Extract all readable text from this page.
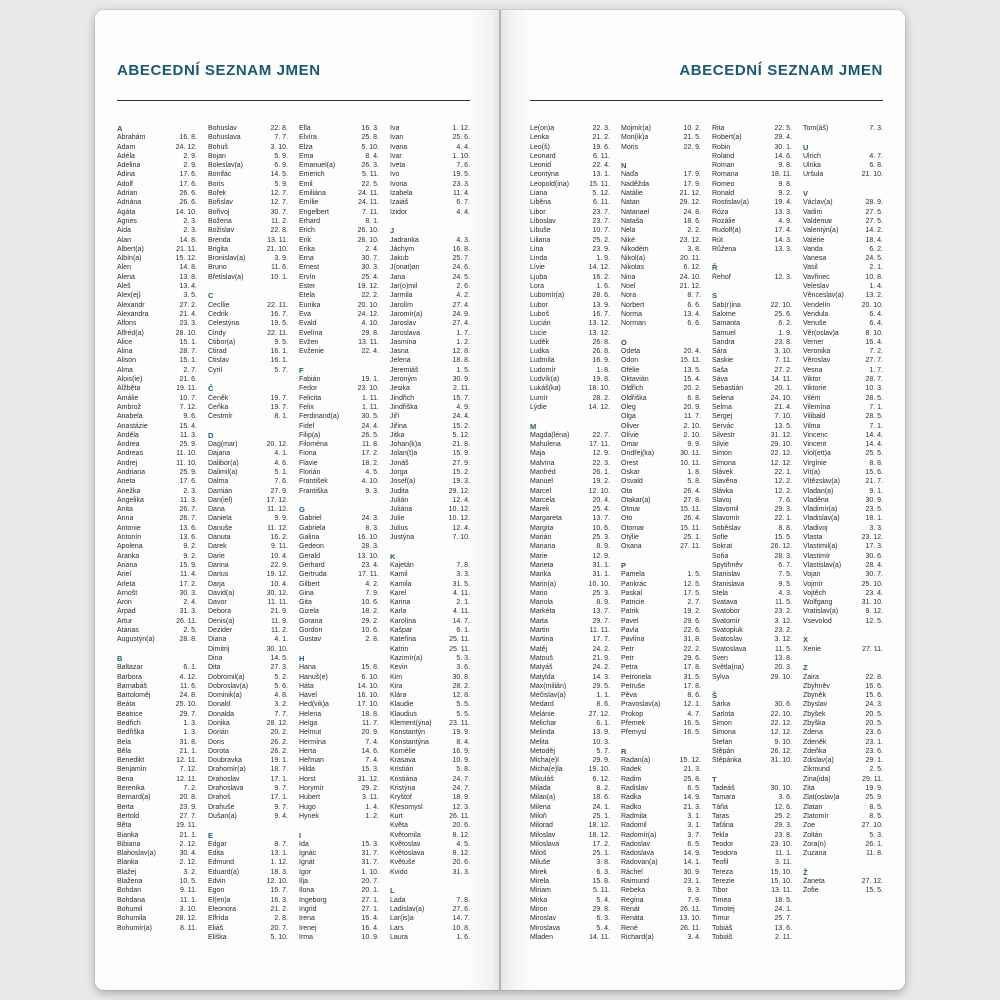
ABECEDNÍ SEZNAM JMEN
A
Abrahám	16. 8.
Adam	24. 12.
Adéla	2. 9.
Adelina	2. 9.
Adina	17. 6.
Adolf	17. 6.
Adrian	26. 6.
Adriána	26. 6.
Agáta	14. 10.
Agnes	2. 3.
Aida	2. 3.
Alan	14. 8.
Albert(a)	21. 11.
Albín(a)	15. 12.
Alen	14. 8.
Alena	13. 8.
Aleš	13. 4.
Alex(ej)	3. 5.
Alexandr	27. 2.
Alexandra	21. 4.
Alfons	23. 3.
Alfréd(a)	28. 10.
Alice	15. 1.
Alina	28. 7.
Alison	15. 1.
Alma	2. 7.
Alois(ie)	21. 6.
Alžběta	19. 11.
Amálie	10. 7.
Ambrož	7. 12.
Anabela	9. 6.
Anastázie	15. 4.
Anděla	11. 3.
Andrea	25. 9.
Andreas	11. 10.
Andrej	11. 10.
Andriana	25. 9.
Aneta	17. 6.
Anežka	2. 3.
Angelika	11. 3.
Anita	26. 7.
Anna	26. 7.
Antonie	13. 6.
Antonín	13. 6.
Apolena	9. 2.
Aranka	9. 2.
Ariana	15. 9.
Ariel	11. 4.
Arleta	17. 2.
Arnošt	30. 3.
Áron	2. 4.
Árpád	31. 3.
Artur	26. 11.
Atanas	2. 5.
Augustýn(a)	28. 8.
B
Baltazar	6. 1.
Barbora	4. 12.
Barnabáš	11. 6.
Bartoloměj	24. 8.
Beáta	25. 10.
Beatrice	29. 7.
Bedřich	1. 3.
Bedřiška	1. 3.
Bela	31. 8.
Běla	21. 1.
Benedikt	12. 11.
Benjamín	7. 12.
Bena	12. 11.
Berenika	7. 2.
Bernard(a)	20. 8.
Berta	23. 9.
Bertold	27. 7.
Běta	19. 11.
Bianka	21. 1.
Bibiana	2. 12.
Blahoslav(a)	30. 4.
Blanka	2. 12.
Blažej	3. 2.
Blažena	10. 5.
Bohdan	9. 11.
Bohdana	11. 1.
Bohumil	3. 10.
Bohumila	28. 12.
Bohumír(a)	8. 11.
Bohuslav	22. 8.
Bohuslava	7. 7.
Bohuš	3. 10.
Bojan	5. 9.
Boleslav(a)	6. 9.
Bonifác	14. 5.
Boris	5. 9.
Bořek	12. 7.
Bořislav	12. 7.
Bořivoj	30. 7.
Božena	11. 2.
Božislav	22. 8.
Brenda	13. 11.
Brigita	21. 10.
Bronislav(a)	3. 9.
Bruno	11. 6.
Břetislav(a)	10. 1.
C
Cecílie	22. 11.
Cedrik	16. 7.
Celestýna	19. 5.
Cindy	22. 11.
Ctibor(a)	9. 5.
Ctirad	16. 1.
Ctislav	16. 1.
Cyril	5. 7.
Č
Čeněk	19. 7.
Čeňka	19. 7.
Čestmír	8. 1.
D
Dag(mar)	20. 12.
Dajana	4. 1.
Dalibor(a)	4. 6.
Dalimil(a)	5. 1.
Dalma	7. 6.
Damián	27. 9.
Dan(iel)	17. 12.
Dana	11. 12.
Daniela	9. 9.
Danuše	11. 12.
Danuta	16. 2.
Darek	9. 11.
Darie	10. 4.
Darina	22. 9.
Darius	19. 12.
Darja	10. 4.
David(a)	30. 12.
Davor	11. 11.
Debora	21. 9.
Denis(a)	11. 9.
Dezider	11. 2.
Diana	4. 1.
Dimitrij	30. 10.
Dina	14. 5.
Dita	27. 3.
Dobromil(a)	5. 2.
Dobroslav(a)	5. 6.
Dominik(a)	4. 8.
Donald	3. 2.
Donalda	7. 7.
Donika	28. 12.
Dorián	20. 2.
Doris	26. 2.
Dorota	26. 2.
Doubravka	19. 1.
Drahomír(a)	18. 7.
Drahoslav	17. 1.
Drahoslava	9. 7.
Drahoš	17. 1.
Drahuše	9. 7.
Dušan(a)	9. 4.
E
Edgar	8. 7.
Edita	13. 1.
Edmund	1. 12.
Eduard(a)	18. 3.
Edvin	12. 10.
Egon	15. 7.
El(en)a	16. 3.
Eleonora	21. 2.
Elfrída	2. 8.
Eliáš	20. 7.
Eliška	5. 10.
Ella	16. 3.
Elvíra	25. 8.
Elza	5. 10.
Ema	8. 4.
Emanuel(a)	26. 3.
Emerich	5. 11.
Emil	22. 5.
Emiliána	24. 11.
Emílie	24. 11.
Engelbert	7. 11.
Erhard	8. 1.
Erich	26. 10.
Erik	26. 10.
Erika	2. 4.
Erna	30. 7.
Ernest	30. 3.
Ervín	25. 4.
Ester	19. 12.
Etela	22. 2.
Eunika	20. 10.
Eva	24. 12.
Evald	4. 10.
Evelína	29. 8.
Evžen	13. 11.
Evženie	22. 4.
F
Fabián	19. 1.
Fedor	23. 10.
Felicita	1. 11.
Felix	1. 11.
Ferdinand(a)	30. 5.
Fidel	24. 4.
Filip(a)	26. 5.
Filoména	11. 8.
Fiona	17. 2.
Flavie	18. 2.
Florián	4. 5.
František	4. 10.
Františka	9. 3.
G
Gabriel	24. 3.
Gabriela	8. 3.
Galina	16. 10.
Gedeon	28. 3.
Gerald	13. 10.
Gerhard	23. 4.
Gertruda	17. 11.
Gilbert	4. 2.
Gina	7. 9.
Gita	10. 6.
Gizela	18. 2.
Gorana	29. 2.
Gordon	10. 6.
Gustav	2. 8.
H
Hana	15. 8.
Hanuš(e)	6. 10.
Háta	14. 10.
Havel	16. 10.
Hed(vik)a	17. 10.
Helena	18. 8.
Helga	11. 7.
Helmut	20. 9.
Hermína	7. 4.
Herta	14. 6.
Heřman	7. 4.
Hilda	15. 3.
Horst	31. 12.
Horymír	29. 2.
Hubert	3. 11.
Hugo	1. 4.
Hynek	1. 2.
I
Ida	15. 3.
Ignác	31. 7.
Ignát	31. 7.
Igor	1. 10.
Ilja	20. 7.
Ilona	20. 1.
Ingeborg	27. 1.
Ingrid	27. 1.
Irena	16. 4.
Irenej	16. 4.
Irma	10. 9.
Iva	1. 12.
Ivan	25. 6.
Ivana	4. 4.
Ivar	1. 10.
Iveta	7. 6.
Ivo	19. 5.
Ivona	23. 3.
Izabela	11. 4.
Izaiáš	6. 7.
Izidor	4. 4.
J
Jadranka	4. 3.
Jáchym	16. 8.
Jakub	25. 7.
J(onat)an	24. 6.
Jana	24. 5.
Jar(o)mil	2. 6.
Jarmila	4. 2.
Jarolím	27. 4.
Jaromír(a)	24. 9.
Jaroslav	27. 4.
Jaroslava	1. 7.
Jasmína	1. 2.
Jasna	12. 8.
Jelena	18. 8.
Jeremiáš	1. 5.
Jeroným	30. 9.
Jesika	2. 11.
Jindřich	15. 7.
Jindřiška	4. 9.
Jiří	24. 4.
Jiřina	15. 2.
Jitka	5. 12.
Johan(k)a	21. 8.
Jolan(t)a	15. 9.
Jonáš	27. 9.
Jorga	15. 2.
Josef(a)	19. 3.
Judita	29. 12.
Julián	12. 4.
Juliána	10. 12.
Julie	10. 12.
Julius	12. 4.
Justýna	7. 10.
K
Kajetán	7. 8.
Kamil	3. 3.
Kamila	31. 5.
Karel	4. 11.
Karina	2. 1.
Karla	4. 11.
Karolína	14. 7.
Kašpar	6. 1.
Kateřina	25. 11.
Katrin	25. 11.
Kazimír(a)	5. 3.
Kevin	3. 6.
Kim	30. 8.
Kira	28. 2.
Klára	12. 8.
Klaudie	5. 5.
Klaudius	5. 5.
Klement(ýna) 23. 11.
Konstantýn	19. 9.
Konstantýna	8. 4.
Kornélie	16. 9.
Krasava	10. 9.
Kristián	5. 8.
Kristiána	24. 7.
Kristýna	24. 7.
Kryštof	18. 9.
Křesomysl	12. 3.
Kurt	26. 11.
Květa	20. 6.
Květomila	8. 12.
Květoslav	4. 5.
Květoslava	8. 12.
Květuše	20. 6.
Kvido	31. 3.
L
Lada	7. 8.
Ladislav(a)	27. 6.
Lar(is)a	14. 7.
Lars	10. 8.
Laura	1. 6.
ABECEDNÍ SEZNAM JMEN
Le(on)a	22. 3.
Lenka	21. 2.
Leo(š)	19. 6.
Leonard	6. 11.
Leonid	22. 4.
Leontýna	13. 1.
Leopold(ina)	15. 11.
Liana	5. 12.
Liběna	6. 11.
Libor	23. 7.
Liboslav	23. 7.
Libuše	10. 7.
Liliana	25. 2.
Lina	23. 9.
Linda	1. 9.
Lívie	14. 12.
Ljuba	16. 2.
Lora	1. 6.
Lubomír(a)	28. 6.
Lubor	13. 9.
Luboš	16. 7.
Lucián	13. 12.
Lucie	13. 12.
Luděk	26. 8.
Ludka	26. 8.
Ludmila	16. 9.
Ludomír	1. 8.
Ludvík(a)	19. 8.
Lukáš(ka)	18. 10.
Lumír	28. 2.
Lýdie	14. 12.
M
Magda(léna)	22. 7.
Mahulena	17. 11.
Maja	12. 9.
Malvína	22. 3.
Manfréd	26. 1.
Manuel	19. 2.
Marcel	12. 10.
Marcela	20. 4.
Marek	25. 4.
Margareta	13. 7.
Margita	10. 6.
Marián	25. 3.
Mariana	8. 9.
Marie	12. 9.
Marieta	31. 1.
Marika	31. 1.
Marin(a)	10. 10.
Mario	25. 3.
Mariola	8. 9.
Markéta	13. 7.
Marta	29. 7.
Martin	11. 11.
Martina	17. 7.
Matěj	24. 2.
Matouš	21. 9.
Matyáš	24. 2.
Matylda	14. 3.
Max(milián)	29. 5.
Mečislav(a)	1. 1.
Medard	8. 6.
Melánie	27. 12.
Melichar	6. 1.
Melinda	13. 9.
Melita	10. 3.
Metoděj	5. 7.
Micha(e)l	29. 9.
Micha(e)la	19. 10.
Mikuláš	6. 12.
Milada	8. 2.
Milan(a)	18. 6.
Milena	24. 1.
Miloň	25. 1.
Milorad	18. 12.
Miloslav	18. 12.
Miloslava	17. 2.
Miloš	25. 1.
Miluše	3. 8.
Mirek	6. 3.
Mirela	15. 8.
Miriam	5. 11.
Mirka	5. 4.
Miron	29. 8.
Miroslav	6. 3.
Miroslava	5. 4.
Mladen	14. 11.
Mojmír(a)	10. 2.
Mon(ik)a	21. 5.
Moris	22. 9.
N
Naďa	17. 9.
Naděžda	17. 9.
Natálie	21. 12.
Natan	29. 12.
Natanael	24. 8.
Nataša	18. 6.
Nela	2. 2.
Niké	23. 12.
Nikodém	3. 8.
Nikol(a)	20. 11.
Nikolas	6. 12.
Nina	24. 10.
Noel	21. 12.
Nora	8. 7.
Norbert	6. 6.
Norma	13. 4.
Norman	6. 6.
O
Odeta	20. 4.
Odon	15. 11.
Ofélie	13. 5.
Oktavián	15. 4.
Oldřich	20. 2.
Oldřiška	6. 8.
Oleg	20. 9.
Olga	11. 7.
Oliver	2. 10.
Olívie	2. 10.
Omar	9. 9.
Ondřej(ka)	30. 11.
Orest	10. 11.
Oskar	1. 8.
Osvald	5. 8.
Ota	26. 4.
Otakar(a)	27. 8.
Otmar	15. 11.
Oto	26. 4.
Otomar	15. 11.
Otýlie	25. 1.
Oxana	27. 11.
P
Pamela	1. 5.
Pankrác	12. 5.
Paskal	17. 5.
Patricie	2. 7.
Patrik	19. 2.
Pavel	29. 6.
Pavla	22. 6.
Pavlína	31. 8.
Petr	22. 2.
Petr	29. 6.
Petra	17. 8.
Petronela	31. 5.
Petruše	17. 8.
Pěva	8. 6.
Pravoslav(a)	12. 1.
Prokop	4. 7.
Přemek	16. 5.
Přemysl	16. 5.
R
Radan(a)	15. 12.
Radek	21. 3.
Radim	25. 8.
Radislav	6. 5.
Radka	14. 9.
Radko	21. 3.
Radmila	3. 1.
Radomil	3. 1.
Radomír(a)	3. 7.
Radoslav	6. 5.
Radoslava	14. 9.
Radovan(a)	14. 1.
Ráchel	30. 9.
Raimund	23. 1.
Rebeka	9. 3.
Regína	7. 9.
Renát	26. 11.
Renáta	13. 10.
René	26. 11.
Richard(a)	3. 4.
Rita	22. 5.
Robert(a)	29. 4.
Robin	30. 1.
Roland	14. 6.
Roman	9. 8.
Romana	18. 11.
Romeo	9. 8.
Ronald	9. 2.
Rostislav(a)	19. 4.
Róza	13. 3.
Rozálie	4. 9.
Rudolf(a)	17. 4.
Rút	14. 3.
Růžena	13. 3.
Ř
Řehoř	12. 3.
S
Sab(r)ina	22. 10.
Salome	25. 6.
Samanta	6. 2.
Samuel	1. 9.
Sandra	23. 8.
Sára	3. 10.
Saskie	7. 11.
Saša	27. 2.
Sáva	14. 11.
Sebastián	20. 1.
Selena	24. 10.
Selma	21. 4.
Sergej	7. 10.
Servác	13. 5.
Silvestr	31. 12.
Silvie	29. 10.
Simon	22. 12.
Simona	12. 12.
Slávek	22. 1.
Slavěna	12. 2.
Slávka	12. 2.
Slavoj	7. 6.
Slavomil	29. 3.
Slavomír	22. 1.
Soběslav	8. 8.
Sofie	15. 5.
Sokrat	26. 12.
Soňa	28. 3.
Spytihněv	6. 7.
Stanislav	7. 5.
Stanislava	9. 5.
Stela	4. 3.
Svatava	11. 5.
Svatobor	23. 2.
Svatomír	3. 12.
Svatopluk	23. 2.
Svatoslav	3. 12.
Svatoslava	11. 5.
Sven	13. 8.
Světla(na)	20. 3.
Sylva	29. 10.
Š
Šárka	30. 6.
Šarlota	22. 10.
Šimon	22. 12.
Šimona	12. 12.
Štefan	9. 10.
Štěpán	26. 12.
Štěpánka	31. 10.
T
Tadeáš	30. 10.
Tamara	3. 6.
Táňa	12. 6.
Taras	25. 2.
Taťána	29. 3.
Tekla	23. 8.
Teodor	23. 10.
Teodora	11. 1.
Teofil	3. 11.
Tereza	15. 10.
Terezie	15. 10.
Tibor	13. 11.
Timea	18. 5.
Timotej	24. 1.
Timur	25. 7.
Tobiáš	13. 6.
Tobiáš	2. 11.
Tom(áš)	7. 3.
U
Ulrich	4. 7.
Ulrika	6. 8.
Uršula	21. 10.
V
Václav(a)	28. 9.
Vadim	27. 5.
Valdemar	27. 5.
Valentýn(a)	14. 2.
Valérie	18. 4.
Vanda	6. 2.
Vanesa	24. 5.
Vasil	2. 1.
Vavřinec	10. 8.
Veleslav	1. 4.
Věnceslav(a)	13. 2.
Vendelín	20. 10.
Vendula	6. 4.
Venuše	6. 4.
Věr(oslav)a	8. 10.
Verner	16. 4.
Veronika	7. 2.
Věroslav	27. 7.
Vesna	1. 7.
Viktor	28. 7.
Viktorie	10. 3.
Vilém	28. 5.
Vilemína	7. 1.
Vilibald	28. 5.
Vilma	7. 1.
Vincenc	14. 4.
Vincent	14. 4.
Viol(ett)a	25. 5.
Virgínie	8. 8.
Vít(a)	15. 6.
Vítězslav(a)	21. 7.
Vladan(a)	9. 1.
Vladěna	30. 9.
Vladimír(a)	23. 5.
Vladislav(a)	18. 1.
Vladivoj	3. 3.
Vlasta	23. 12.
Vlastimil(a)	17. 3.
Vlastimír	30. 6.
Vlastislav(a)	28. 4.
Vojan	30. 7.
Vojmír	25. 10.
Vojtěch	23. 4.
Wolfgang	31. 10.
Vratislav(a)	9. 12.
Vsevolod	12. 5.
X
Xenie	27. 11.
Z
Zaira	22. 8.
Zbyhněv	16. 6.
Zbyněk	15. 6.
Zbyslav	24. 3.
Zbyšek	20. 5.
Zbyška	20. 5.
Zdena	23. 6.
Zdeněk	23. 1.
Zdeňka	23. 6.
Zdislav(a)	29. 1.
Zikmund	2. 5.
Zina(ida)	29. 11.
Zita	19. 9.
Zlat(oslav)a	25. 9.
Zlatan	8. 5.
Zlatomír	8. 5.
Zoe	27. 10.
Zoltán	5. 3.
Zora(n)	26. 1.
Zuzana	11. 8.
Ž
Žaneta	27. 12.
Žofie	15. 5.
